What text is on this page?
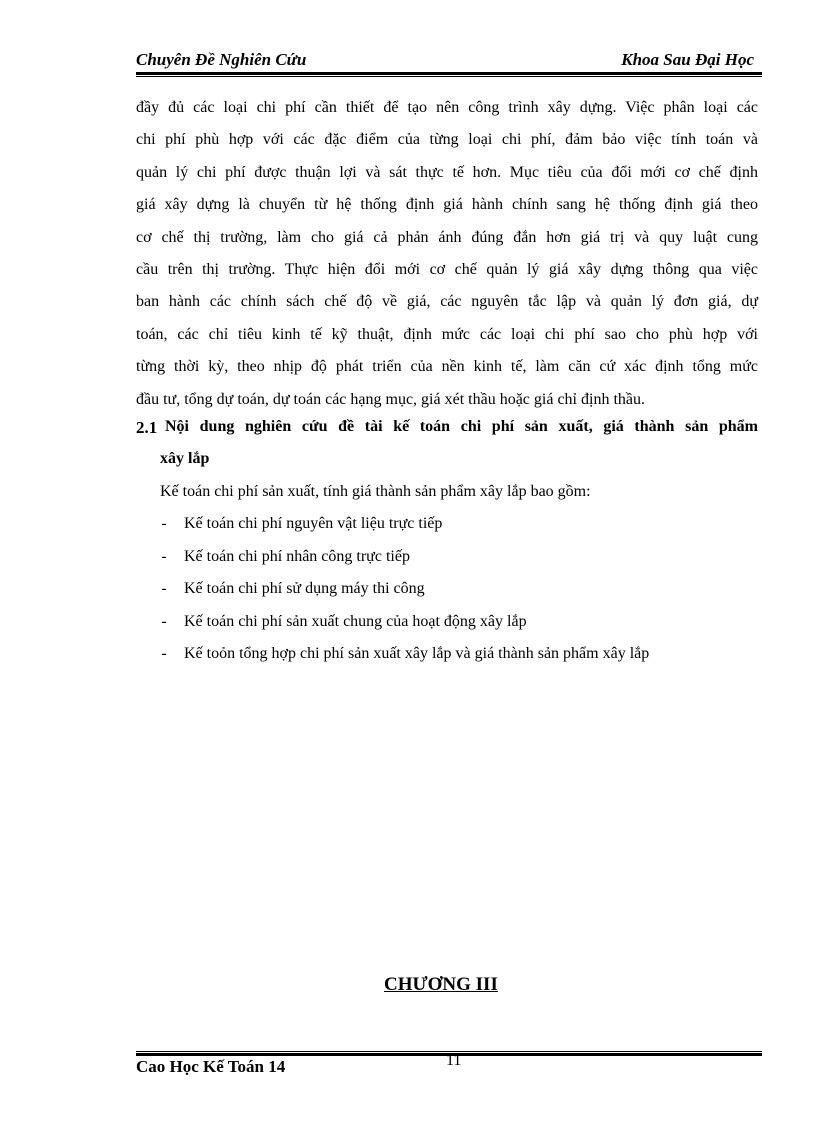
Chuyên Đề Nghiên Cứu	Khoa Sau Đại Học
đầy đủ các loại chi phí cần thiết để tạo nên công trình xây dựng. Việc phân loại các
chi phí phù hợp với các đặc điểm của từng loại chi phí, đảm bảo việc tính toán và
quản lý chi phí được thuận lợi và sát thực tế hơn. Mục tiêu của đổi mới cơ chế định
giá xây dựng là chuyển từ hệ thống định giá hành chính sang hệ thống định giá theo
cơ chế thị trường, làm cho giá cả phản ánh đúng đắn hơn giá trị và quy luật cung
cầu trên thị trường. Thực hiện đổi mới cơ chế quản lý giá xây dựng thông qua việc
ban hành các chính sách chế độ về giá, các nguyên tắc lập và quản lý đơn giá, dự
toán, các chỉ tiêu kinh tế kỹ thuật, định mức các loại chi phí sao cho phù hợp với
từng thời kỳ, theo nhịp độ phát triển của nền kinh tế, làm căn cứ xác định tổng mức
đầu tư, tổng dự toán, dự toán các hạng mục, giá xét thầu hoặc giá chỉ định thầu.
2.1 Nội dung nghiên cứu đề tài kế toán chi phí sản xuất, giá thành sản phẩm
xây lắp
Kế toán chi phí sản xuất, tính giá thành sản phẩm xây lắp bao gồm:
- Kế toán chi phí nguyên vật liệu trực tiếp
- Kế toán chi phí nhân công trực tiếp
- Kế toán chi phí sử dụng máy thi công
- Kế toán chi phí sản xuất chung của hoạt động xây lắp
- Kế toỏn tổng hợp chi phí sản xuất xây lắp và giá thành sản phẩm xây lắp
CHƯƠNG III
Cao Học Kế Toán 14	11
